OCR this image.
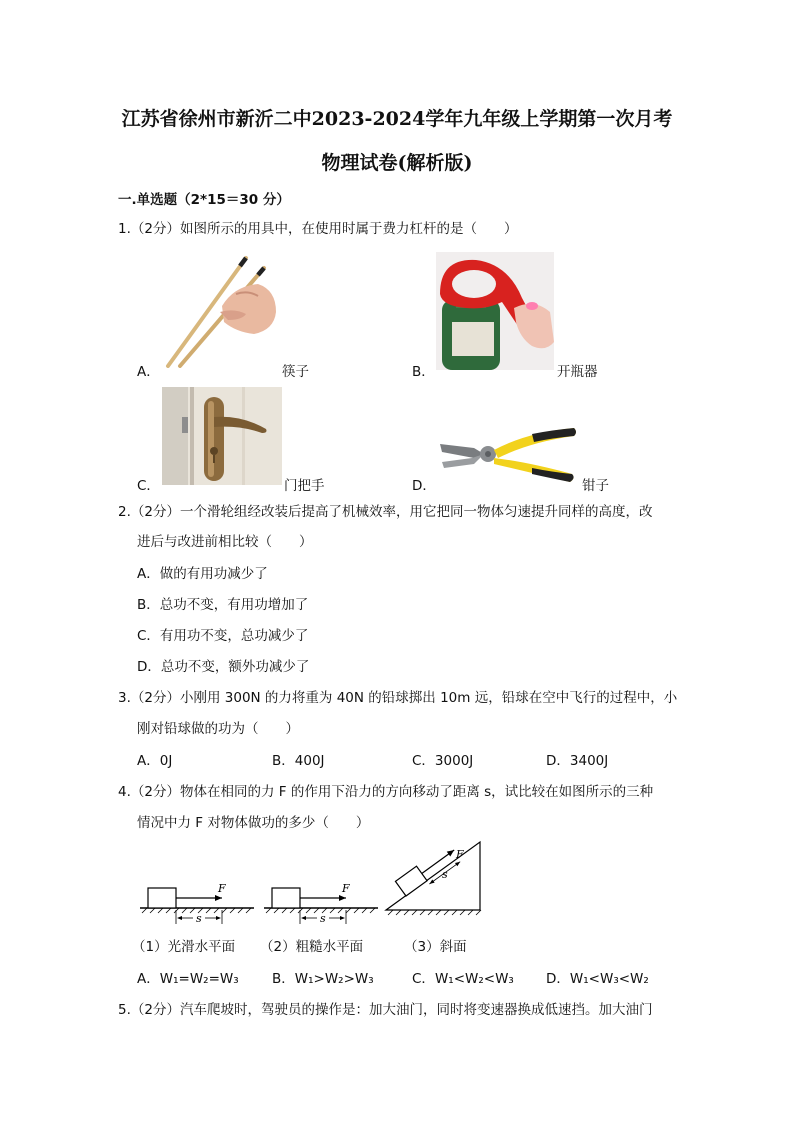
江苏省徐州市新沂二中2023-2024学年九年级上学期第一次月考
物理试卷(解析版)
一.单选题（2*15＝30 分）
1.（2分）如图所示的用具中，在使用时属于费力杠杆的是（　　）
A．	筷子	B．	开瓶器
C．	门把手	D．	钳子
2.（2分）一个滑轮组经改装后提高了机械效率，用它把同一物体匀速提升同样的高度，改
进后与改进前相比较（　　）
A．做的有用功减少了
B．总功不变，有用功增加了
C．有用功不变，总功减少了
D．总功不变，额外功减少了
3.（2分）小刚用 300N 的力将重为 40N 的铅球掷出 10m 远，铅球在空中飞行的过程中，小
刚对铅球做的功为（　　）
A．0J	B．400J	C．3000J	D．3400J
4.（2分）物体在相同的力 F 的作用下沿力的方向移动了距离 s，试比较在如图所示的三种
情况中力 F 对物体做功的多少（　　）
F
s
F
s
F
s
（1）光滑水平面 （2）粗糙水平面	（3）斜面
A．W₁=W₂=W₃ B．W₁>W₂>W₃	C．W₁<W₂<W₃ D．W₁<W₃<W₂
5.（2分）汽车爬坡时，驾驶员的操作是：加大油门，同时将变速器换成低速挡。加大油门
